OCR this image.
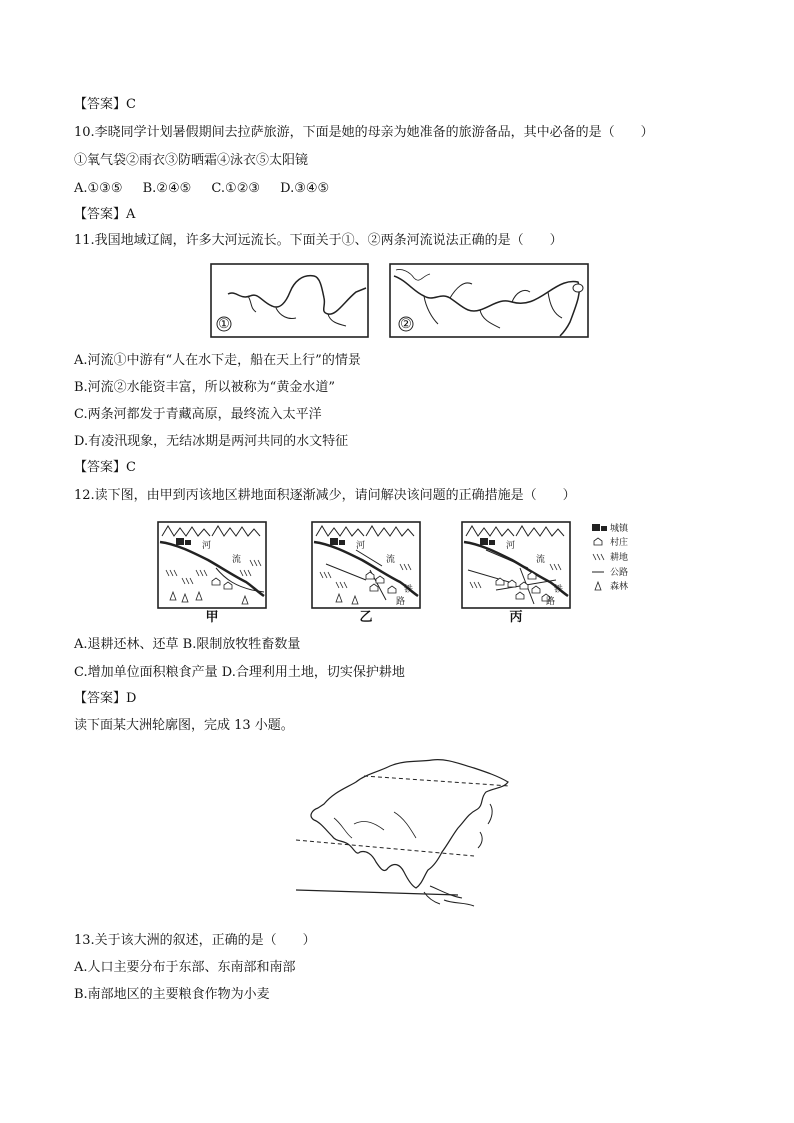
【答案】C
10.李晓同学计划暑假期间去拉萨旅游，下面是她的母亲为她准备的旅游备品，其中必备的是（　　）
①氧气袋②雨衣③防晒霜④泳衣⑤太阳镜
A.①③⑤ B.②④⑤ C.①②③ D.③④⑤
【答案】A
11.我国地域辽阔，许多大河远流长。下面关于①、②两条河流说法正确的是（　　）
①	②
A.河流①中游有“人在水下走，船在天上行”的情景
B.河流②水能资丰富，所以被称为“黄金水道”
C.两条河都发于青藏高原，最终流入太平洋
D.有凌汛现象，无结冰期是两河共同的水文特征
【答案】C
12.读下图，由甲到丙该地区耕地面积逐渐减少，请问解决该问题的正确措施是（　　）
河
流
甲
河
流
铁
路
乙
河
流
铁
路
丙
城镇
村庄
耕地
公路
森林
A.退耕还林、还草 B.限制放牧牲畜数量
C.增加单位面积粮食产量 D.合理利用土地，切实保护耕地
【答案】D
读下面某大洲轮廓图，完成 13 小题。
13.关于该大洲的叙述，正确的是（　　）
A.人口主要分布于东部、东南部和南部
B.南部地区的主要粮食作物为小麦
